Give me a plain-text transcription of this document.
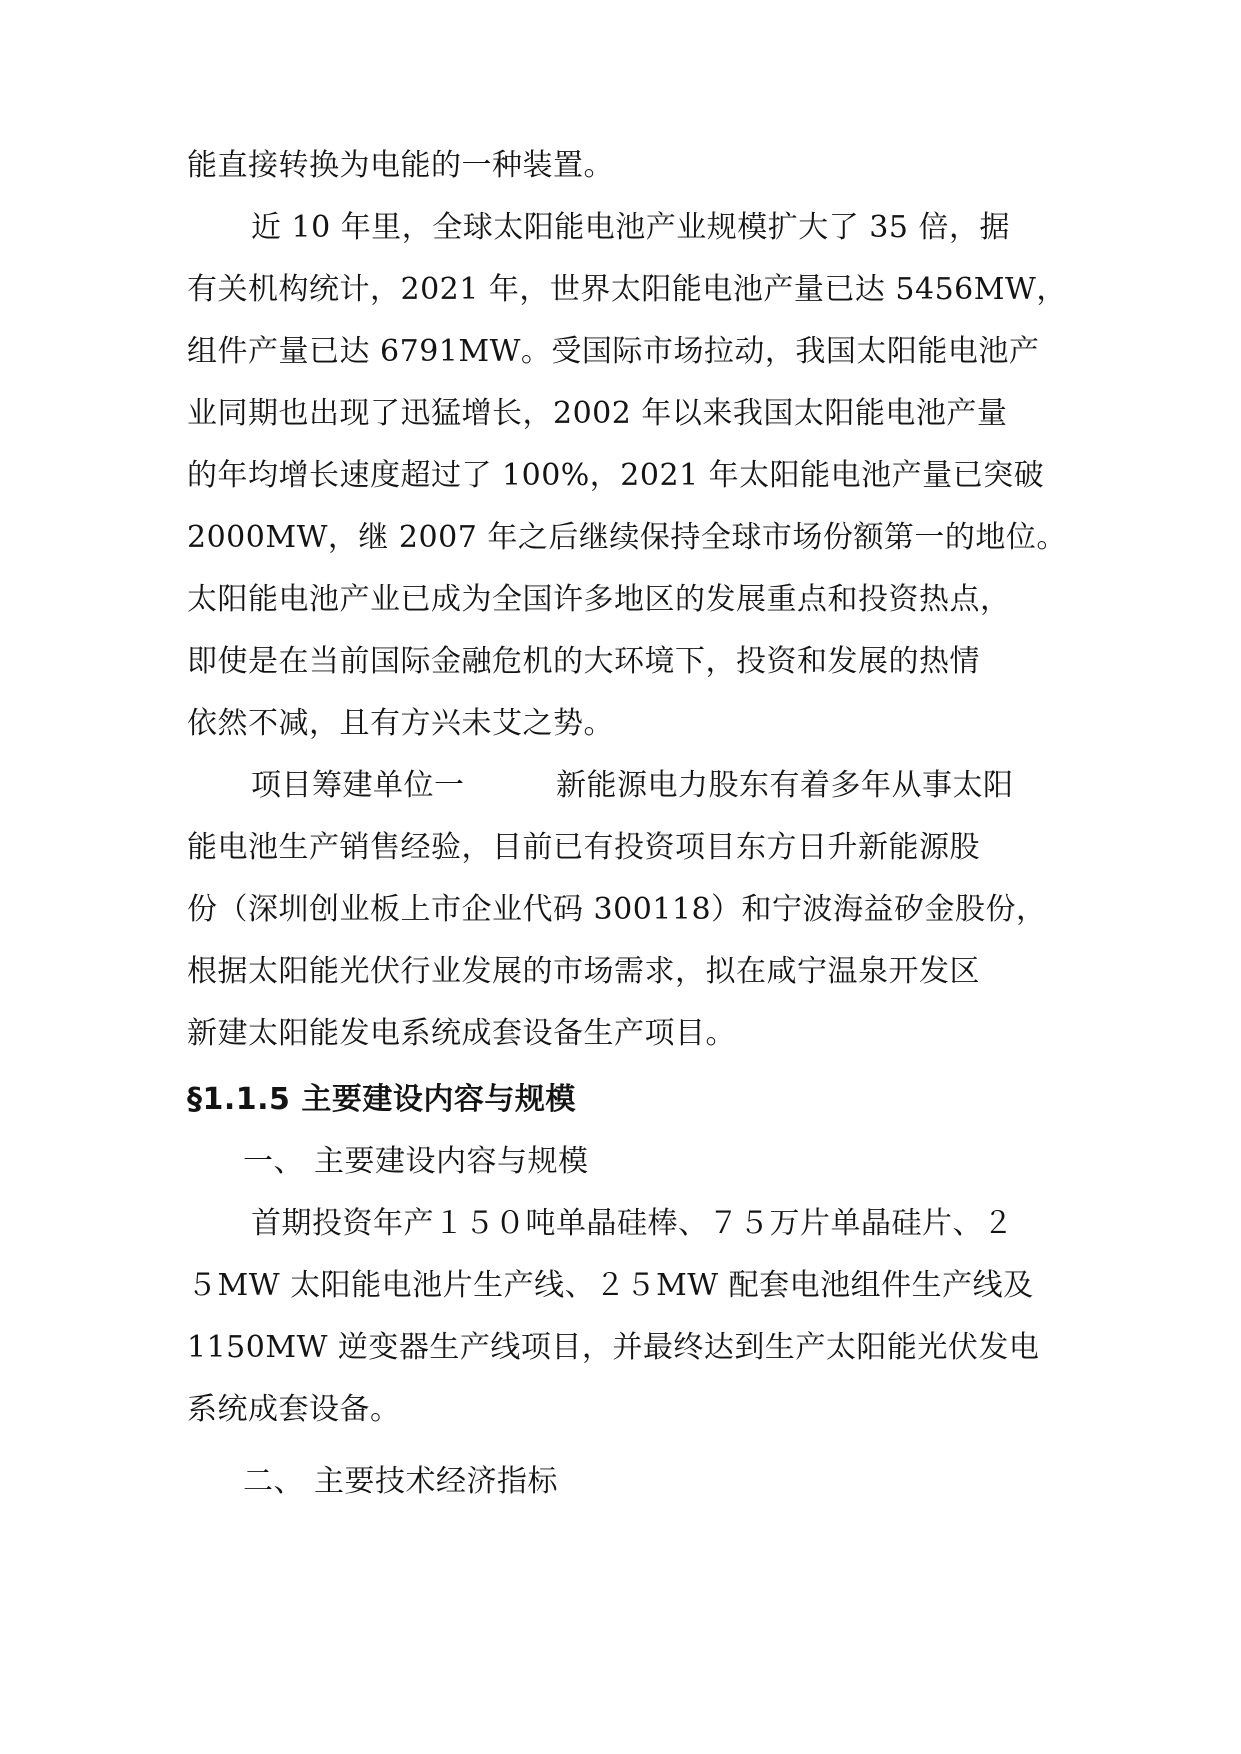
能直接转换为电能的一种装置。
近 10 年里，全球太阳能电池产业规模扩大了 35 倍，据
有关机构统计，2021 年，世界太阳能电池产量已达 5456MW，
组件产量已达 6791MW。受国际市场拉动，我国太阳能电池产
业同期也出现了迅猛增长，2002 年以来我国太阳能电池产量
的年均增长速度超过了 100%，2021 年太阳能电池产量已突破
2000MW，继 2007 年之后继续保持全球市场份额第一的地位。
太阳能电池产业已成为全国许多地区的发展重点和投资热点，
即使是在当前国际金融危机的大环境下，投资和发展的热情
依然不减，且有方兴未艾之势。
项目筹建单位一　　　新能源电力股东有着多年从事太阳
能电池生产销售经验，目前已有投资项目东方日升新能源股
份（深圳创业板上市企业代码 300118）和宁波海益矽金股份，
根据太阳能光伏行业发展的市场需求，拟在咸宁温泉开发区
新建太阳能发电系统成套设备生产项目。
§1.1.5 主要建设内容与规模
一、 主要建设内容与规模
首期投资年产１５０吨单晶硅棒、７５万片单晶硅片、２
５MW 太阳能电池片生产线、２５MW 配套电池组件生产线及
1150MW 逆变器生产线项目，并最终达到生产太阳能光伏发电
系统成套设备。
二、 主要技术经济指标
